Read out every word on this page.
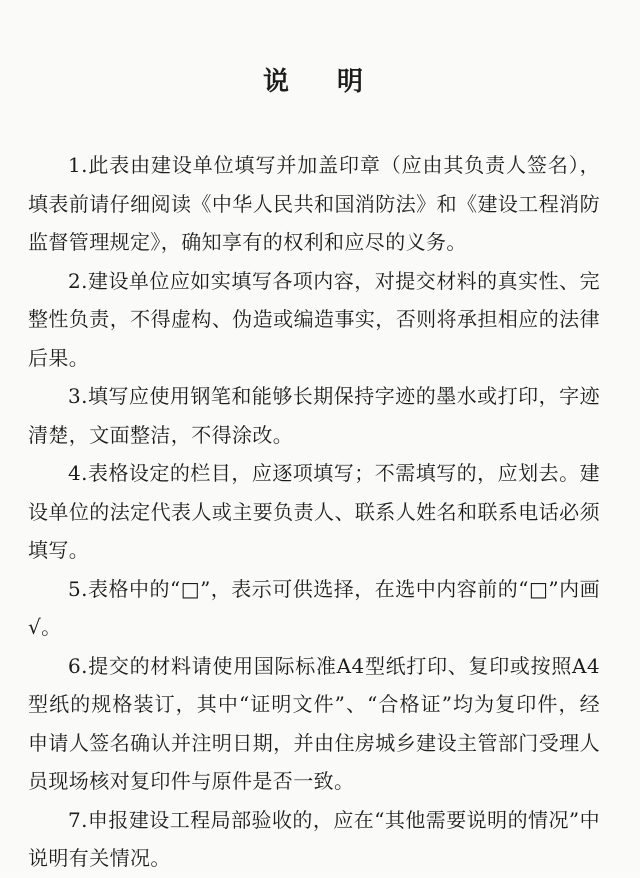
说 明

1.此表由建设单位填写并加盖印章（应由其负责人签名），填表前请仔细阅读《中华人民共和国消防法》和《建设工程消防监督管理规定》，确知享有的权利和应尽的义务。

2.建设单位应如实填写各项内容，对提交材料的真实性、完整性负责，不得虚构、伪造或编造事实，否则将承担相应的法律后果。

3.填写应使用钢笔和能够长期保持字迹的墨水或打印，字迹清楚，文面整洁，不得涂改。

4.表格设定的栏目，应逐项填写；不需填写的，应划去。建设单位的法定代表人或主要负责人、联系人姓名和联系电话必须填写。

5.表格中的“□”，表示可供选择，在选中内容前的“□”内画√。

6.提交的材料请使用国际标准A4型纸打印、复印或按照A4型纸的规格装订，其中“证明文件”、“合格证”均为复印件，经申请人签名确认并注明日期，并由住房城乡建设主管部门受理人员现场核对复印件与原件是否一致。

7.申报建设工程局部验收的，应在“其他需要说明的情况”中说明有关情况。
